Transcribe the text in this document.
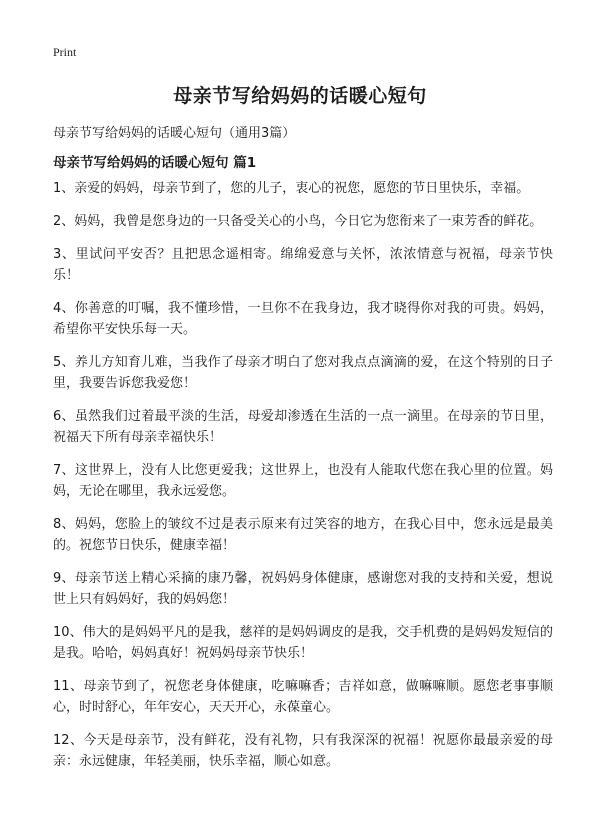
Print
母亲节写给妈妈的话暖心短句
母亲节写给妈妈的话暖心短句（通用3篇）
母亲节写给妈妈的话暖心短句 篇1
1、亲爱的妈妈，母亲节到了，您的儿子，衷心的祝您，愿您的节日里快乐，幸福。
2、妈妈，我曾是您身边的一只备受关心的小鸟，今日它为您衔来了一束芳香的鲜花。
3、里试问平安否？且把思念遥相寄。绵绵爱意与关怀，浓浓情意与祝福，母亲节快乐！
4、你善意的叮嘱，我不懂珍惜，一旦你不在我身边，我才晓得你对我的可贵。妈妈，希望你平安快乐每一天。
5、养儿方知育儿难，当我作了母亲才明白了您对我点点滴滴的爱，在这个特别的日子里，我要告诉您我爱您！
6、虽然我们过着最平淡的生活，母爱却渗透在生活的一点一滴里。在母亲的节日里，祝福天下所有母亲幸福快乐！
7、这世界上，没有人比您更爱我；这世界上，也没有人能取代您在我心里的位置。妈妈，无论在哪里，我永远爱您。
8、妈妈，您脸上的皱纹不过是表示原来有过笑容的地方，在我心目中，您永远是最美的。祝您节日快乐，健康幸福！
9、母亲节送上精心采摘的康乃馨，祝妈妈身体健康，感谢您对我的支持和关爱，想说世上只有妈妈好，我的妈妈您！
10、伟大的是妈妈平凡的是我，慈祥的是妈妈调皮的是我，交手机费的是妈妈发短信的是我。哈哈，妈妈真好！祝妈妈母亲节快乐！
11、母亲节到了，祝您老身体健康，吃嘛嘛香；吉祥如意，做嘛嘛顺。愿您老事事顺心，时时舒心，年年安心，天天开心，永葆童心。
12、今天是母亲节，没有鲜花，没有礼物，只有我深深的祝福！祝愿你最最亲爱的母亲：永远健康，年轻美丽，快乐幸福，顺心如意。
